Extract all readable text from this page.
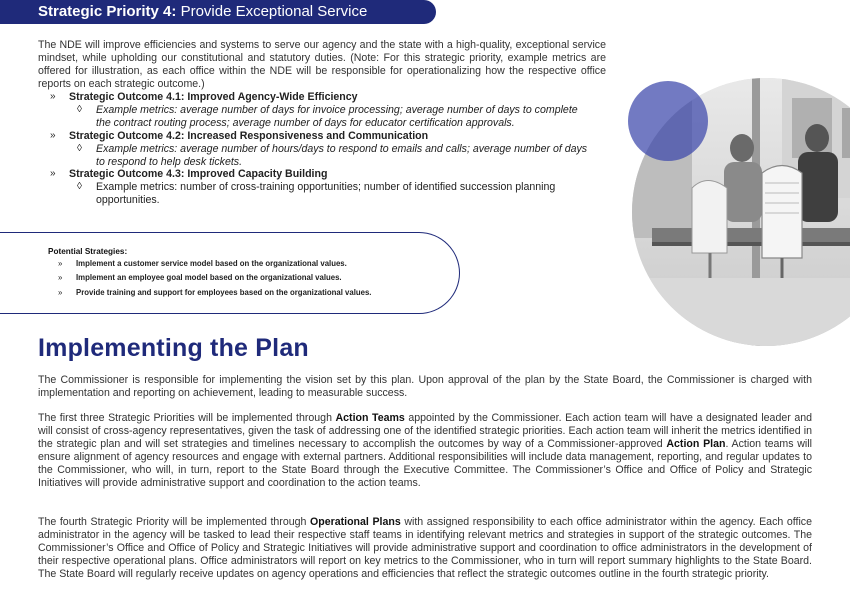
Strategic Priority 4: Provide Exceptional Service

The NDE will improve efficiencies and systems to serve our agency and the state with a high-quality, exceptional service mindset, while upholding our constitutional and statutory duties. (Note: For this strategic priority, example metrics are offered for illustration, as each office within the NDE will be responsible for operationalizing how the respective office reports on each strategic outcome.)

» Strategic Outcome 4.1: Improved Agency-Wide Efficiency
◊ Example metrics: average number of days for invoice processing; average number of days to complete the contract routing process; average number of days for educator certification approvals.
» Strategic Outcome 4.2: Increased Responsiveness and Communication
◊ Example metrics: average number of hours/days to respond to emails and calls; average number of days to respond to help desk tickets.
» Strategic Outcome 4.3: Improved Capacity Building
◊ Example metrics: number of cross-training opportunities; number of identified succession planning opportunities.
Potential Strategies:
» Implement a customer service model based on the organizational values.
» Implement an employee goal model based on the organizational values.
» Provide training and support for employees based on the organizational values.
Implementing the Plan

The Commissioner is responsible for implementing the vision set by this plan. Upon approval of the plan by the State Board, the Commissioner is charged with implementation and reporting on achievement, leading to measurable success.

The first three Strategic Priorities will be implemented through Action Teams appointed by the Commissioner. Each action team will have a designated leader and will consist of cross-agency representatives, given the task of addressing one of the identified strategic priorities. Each action team will inherit the metrics identified in the strategic plan and will set strategies and timelines necessary to accomplish the outcomes by way of a Commissioner-approved Action Plan. Action teams will ensure alignment of agency resources and engage with external partners. Additional responsibilities will include data management, reporting, and regular updates to the Commissioner, who will, in turn, report to the State Board through the Executive Committee. The Commissioner’s Office and Office of Policy and Strategic Initiatives will provide administrative support and coordination to the action teams.

The fourth Strategic Priority will be implemented through Operational Plans with assigned responsibility to each office administrator within the agency. Each office administrator in the agency will be tasked to lead their respective staff teams in identifying relevant metrics and strategies in support of the strategic outcomes. The Commissioner’s Office and Office of Policy and Strategic Initiatives will provide administrative support and coordination to office administrators in the development of their respective operational plans. Office administrators will report on key metrics to the Commissioner, who in turn will report summary highlights to the State Board. The State Board will regularly receive updates on agency operations and efficiencies that reflect the strategic outcomes outline in the fourth strategic priority.
